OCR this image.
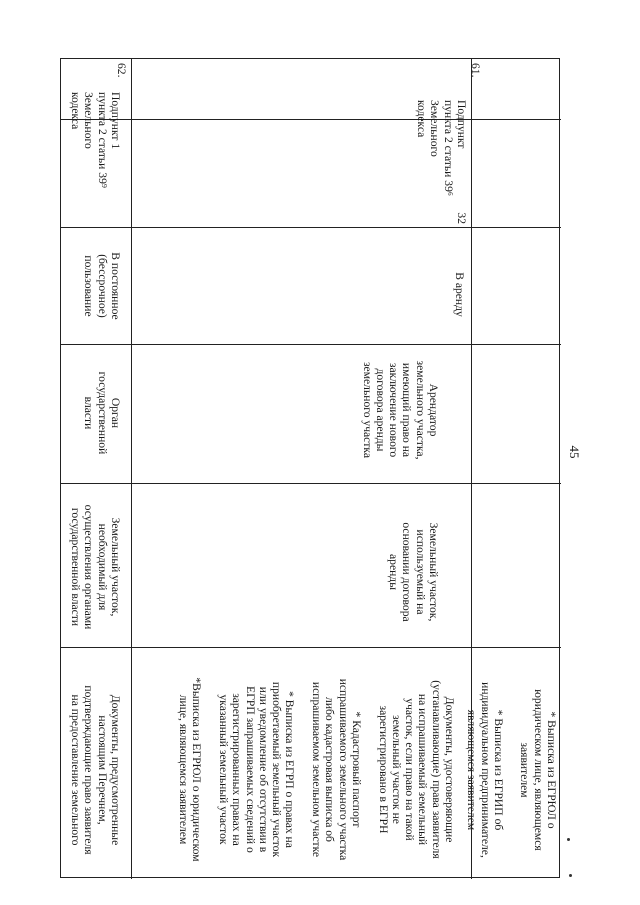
45
* Выписка из ЕГРЮЛ о
юридическом лице, являющемся
заявителем

* Выписка из ЕГРИП об
индивидуальном предпринимателе,
являющемся заявителем
61.
32
Подпункт
пункта 2 статьи 39⁶
Земельного
кодекса
В аренду
Арендатор
земельного участка,
имеющий право на
заключение нового
договора аренды
земельного участка
Земельный участок,
используемый на
основании договора
аренды
Документы, удостоверяющие
(устанавливающие) права заявителя
на испрашиваемый земельный
участок, если право на такой
земельный участок не
зарегистрировано в ЕГРН

* Кадастровый паспорт
испрашиваемого земельного участка
либо кадастровая выписка об
испрашиваемом земельном участке

* Выписка из ЕГРП о правах на
приобретаемый земельный участок
или уведомление об отсутствии в
ЕГРП запрашиваемых сведений о
зарегистрированных правах на
указанный земельный участок

*Выписка из ЕГРЮЛ о юридическом
лице, являющемся заявителем
62.
Подпункт 1
пункта 2 статьи 39⁹
Земельного
кодекса
В постоянное
(бессрочное)
пользование
Орган
государственной
власти
Земельный участок,
необходимый для
осуществления органами
государственной власти
Документы, предусмотренные
настоящим Перечнем,
подтверждающие право заявителя
на предоставление земельного
